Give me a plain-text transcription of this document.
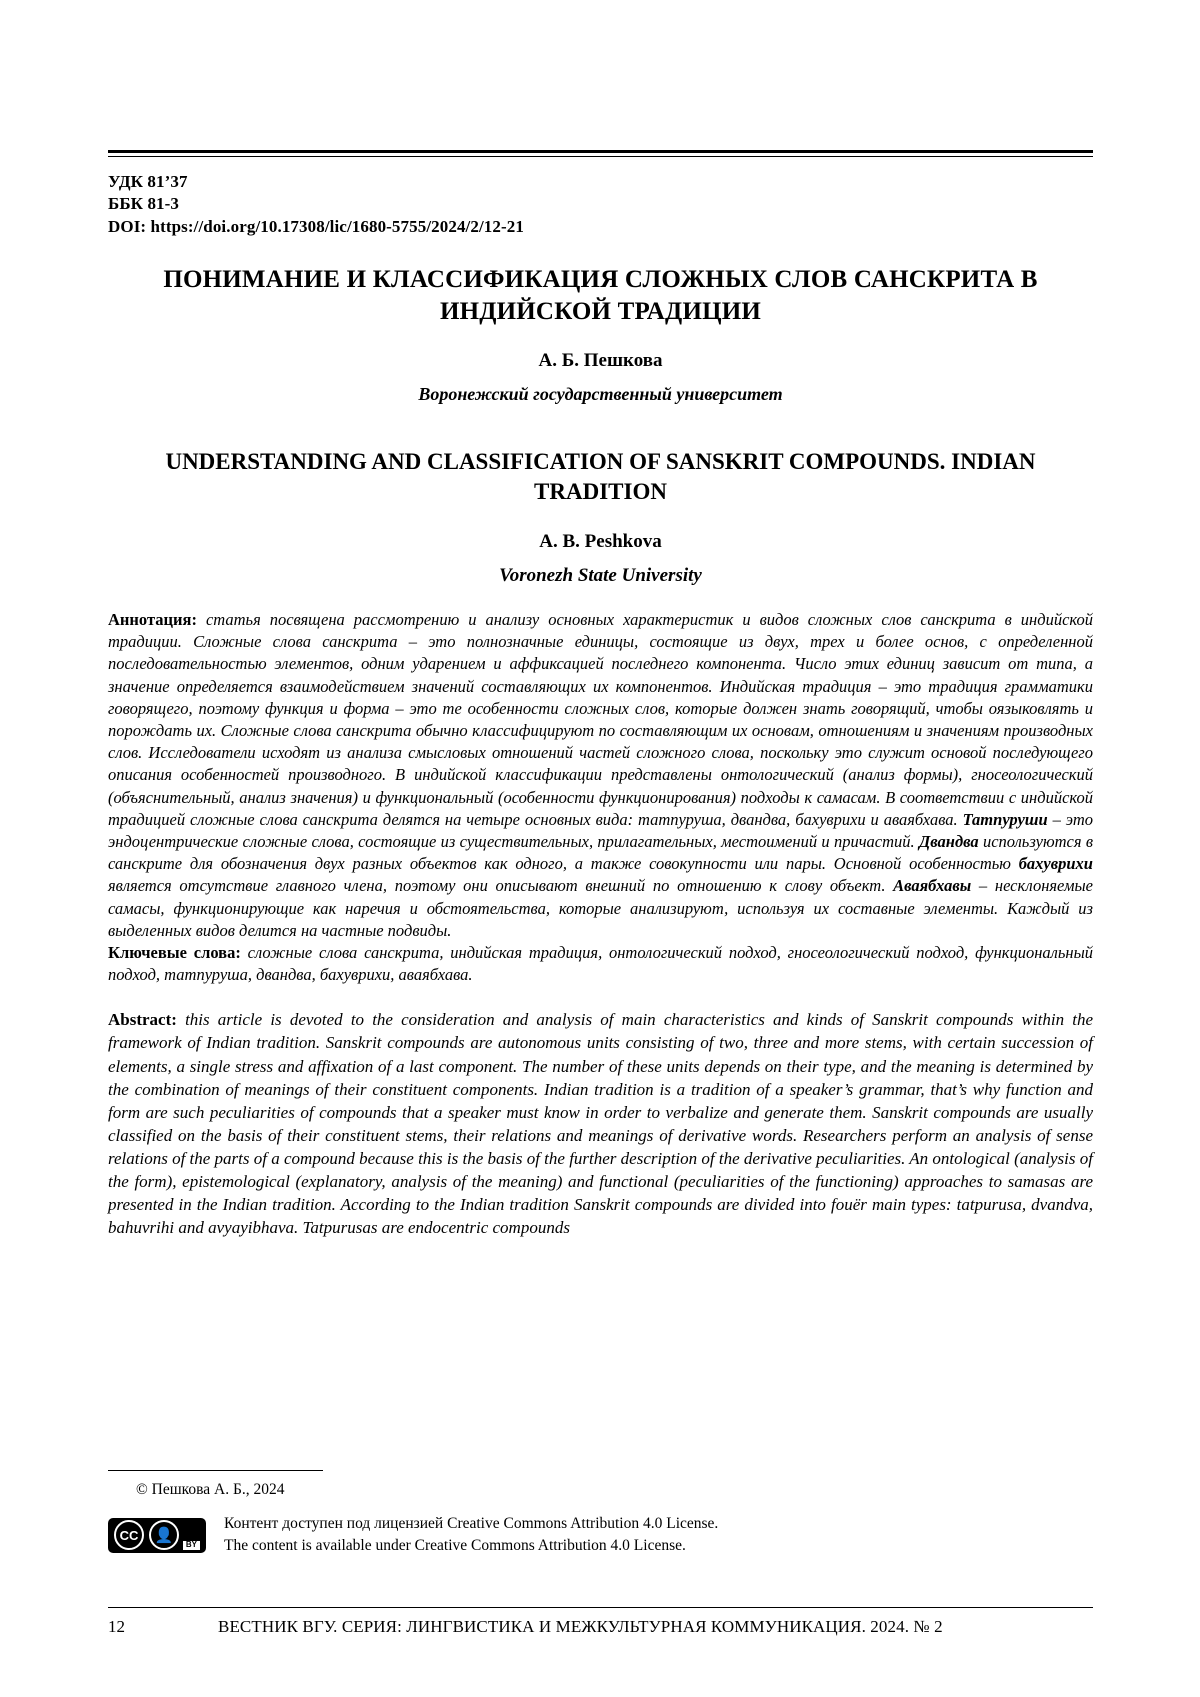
УДК 81’37
ББК 81-3
DOI: https://doi.org/10.17308/lic/1680-5755/2024/2/12-21
ПОНИМАНИЕ И КЛАССИФИКАЦИЯ СЛОЖНЫХ СЛОВ САНСКРИТА В ИНДИЙСКОЙ ТРАДИЦИИ
А. Б. Пешкова
Воронежский государственный университет
UNDERSTANDING AND CLASSIFICATION OF SANSKRIT COMPOUNDS. INDIAN TRADITION
A. B. Peshkova
Voronezh State University
Аннотация: статья посвящена рассмотрению и анализу основных характеристик и видов сложных слов санскрита в индийской традиции. Сложные слова санскрита – это полнозначные единицы, состоящие из двух, трех и более основ, с определенной последовательностью элементов, одним ударением и аффиксацией последнего компонента. Число этих единиц зависит от типа, а значение определяется взаимодействием значений составляющих их компонентов. Индийская традиция – это традиция грамматики говорящего, поэтому функция и форма – это те особенности сложных слов, которые должен знать говорящий, чтобы оязыковлять и порождать их. Сложные слова санскрита обычно классифицируют по составляющим их основам, отношениям и значениям производных слов. Исследователи исходят из анализа смысловых отношений частей сложного слова, поскольку это служит основой последующего описания особенностей производного. В индийской классификации представлены онтологический (анализ формы), гносеологический (объяснительный, анализ значения) и функциональный (особенности функционирования) подходы к самасам. В соответствии с индийской традицией сложные слова санскрита делятся на четыре основных вида: татпуруша, двандва, бахуврихи и аваябхава. Татпуруши – это эндоцентрические сложные слова, состоящие из существительных, прилагательных, местоимений и причастий. Двандва используются в санскрите для обозначения двух разных объектов как одного, а также совокупности или пары. Основной особенностью бахуврихи является отсутствие главного члена, поэтому они описывают внешний по отношению к слову объект. Аваябхавы – несклоняемые самасы, функционирующие как наречия и обстоятельства, которые анализируют, используя их составные элементы. Каждый из выделенных видов делится на частные подвиды.
Ключевые слова: сложные слова санскрита, индийская традиция, онтологический подход, гносеологический подход, функциональный подход, татпуруша, двандва, бахуврихи, аваябхава.
Abstract: this article is devoted to the consideration and analysis of main characteristics and kinds of Sanskrit compounds within the framework of Indian tradition. Sanskrit compounds are autonomous units consisting of two, three and more stems, with certain succession of elements, a single stress and affixation of a last component. The number of these units depends on their type, and the meaning is determined by the combination of meanings of their constituent components. Indian tradition is a tradition of a speaker’s grammar, that’s why function and form are such peculiarities of compounds that a speaker must know in order to verbalize and generate them. Sanskrit compounds are usually classified on the basis of their constituent stems, their relations and meanings of derivative words. Researchers perform an analysis of sense relations of the parts of a compound because this is the basis of the further description of the derivative peculiarities. An ontological (analysis of the form), epistemological (explanatory, analysis of the meaning) and functional (peculiarities of the functioning) approaches to samasas are presented in the Indian tradition. According to the Indian tradition Sanskrit compounds are divided into fouёr main types: tatpurusa, dvandva, bahuvrihi and avyayibhava. Tatpurusas are endocentric compounds
© Пешкова А. Б., 2024
CC	👤
BY
Контент доступен под лицензией Creative Commons Attribution 4.0 License.
The content is available under Creative Commons Attribution 4.0 License.
12	ВЕСТНИК ВГУ. СЕРИЯ: ЛИНГВИСТИКА И МЕЖКУЛЬТУРНАЯ КОММУНИКАЦИЯ. 2024. № 2
